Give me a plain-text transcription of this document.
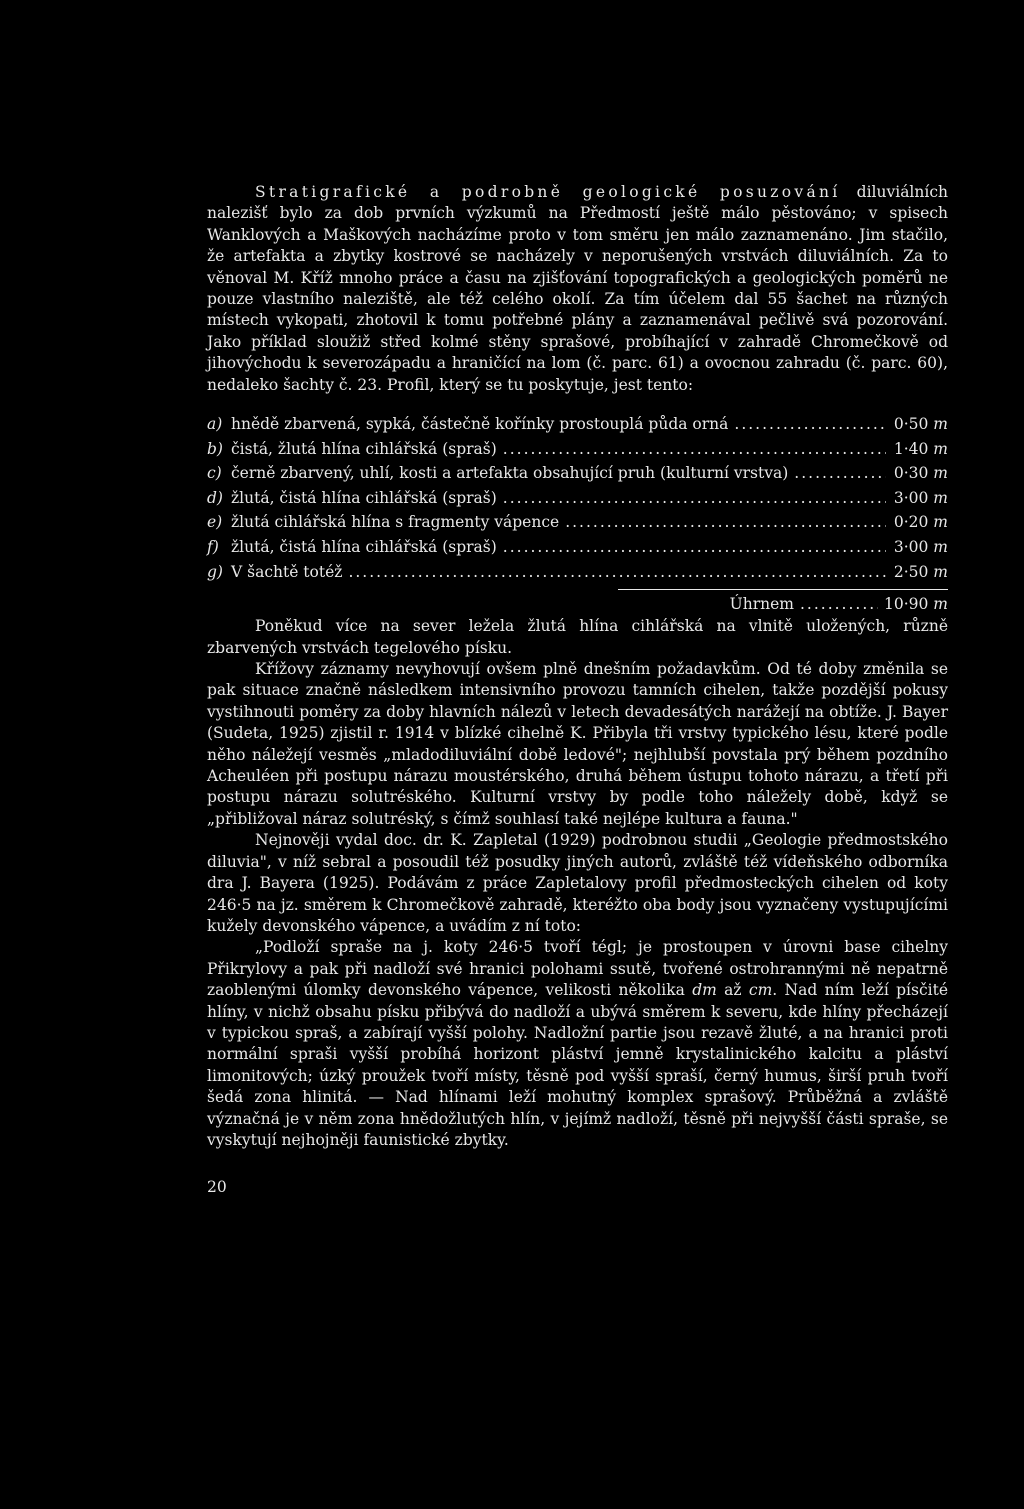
Stratigrafické a podrobně geologické posuzování diluviálních nalezišť bylo za dob prvních výzkumů na Předmostí ještě málo pěstováno; v spisech Wanklových a Maškových nacházíme proto v tom směru jen málo zaznamenáno. Jim stačilo, že artefakta a zbytky kostrové se nacházely v neporušených vrstvách diluviálních. Za to věnoval M. Kříž mnoho práce a času na zjišťování topografických a geologických poměrů ne pouze vlastního naleziště, ale též celého okolí. Za tím účelem dal 55 šachet na různých místech vykopati, zhotovil k tomu potřebné plány a zaznamenával pečlivě svá pozorování. Jako příklad sloužiž střed kolmé stěny sprašové, probíhající v zahradě Chromečkově od jihovýchodu k severozápadu a hraničící na lom (č. parc. 61) a ovocnou zahradu (č. parc. 60), nedaleko šachty č. 23. Profil, který se tu poskytuje, jest tento:

a) hnědě zbarvená, sypká, částečně kořínky prostouplá půda orná .....	0·50 m
b) čistá, žlutá hlína cihlářská (spraš) .....	1·40 m
c) černě zbarvený, uhlí, kosti a artefakta obsahující pruh (kulturní vrstva) .....	0·30 m
d) žlutá, čistá hlína cihlářská (spraš) .....	3·00 m
e) žlutá cihlářská hlína s fragmenty vápence .....	0·20 m
f) žlutá, čistá hlína cihlářská (spraš) .....	3·00 m
g) V šachtě totéž .....	2·50 m
Úhrnem .....	10·90 m

Poněkud více na sever ležela žlutá hlína cihlářská na vlnitě uložených, různě zbarvených vrstvách tegelového písku.

Křížovy záznamy nevyhovují ovšem plně dnešním požadavkům. Od té doby změnila se pak situace značně následkem intensivního provozu tamních cihelen, takže pozdější pokusy vystihnouti poměry za doby hlavních nálezů v letech devadesátých narážejí na obtíže. J. Bayer (Sudeta, 1925) zjistil r. 1914 v blízké cihelně K. Přibyla tři vrstvy typického lésu, které podle něho náležejí vesměs „mladodiluviální době ledové"; nejhlubší povstala prý během pozdního Acheuléen při postupu nárazu moustérského, druhá během ústupu tohoto nárazu, a třetí při postupu nárazu solutréského. Kulturní vrstvy by podle toho náležely době, když se „přibližoval náraz solutréský, s čímž souhlasí také nejlépe kultura a fauna."

Nejnověji vydal doc. dr. K. Zapletal (1929) podrobnou studii „Geologie předmostského diluvia", v níž sebral a posoudil též posudky jiných autorů, zvláště též vídeňského odborníka dra J. Bayera (1925). Podávám z práce Zapletalovy profil předmosteckých cihelen od koty 246·5 na jz. směrem k Chromečkově zahradě, kteréžto oba body jsou vyznačeny vystupujícími kužely devonského vápence, a uvádím z ní toto:

„Podloží spraše na j. koty 246·5 tvoří tégl; je prostoupen v úrovni base cihelny Přikrylovy a pak při nadloží své hranici polohami ssutě, tvořené ostrohrannými ně nepatrně zaoblenými úlomky devonského vápence, velikosti několika dm až cm. Nad ním leží písčité hlíny, v nichž obsahu písku přibývá do nadloží a ubývá směrem k severu, kde hlíny přecházejí v typickou spraš, a zabírají vyšší polohy. Nadložní partie jsou rezavě žluté, a na hranici proti normální spraši vyšší probíhá horizont pláství jemně krystalinického kalcitu a pláství limonitových; úzký proužek tvoří místy, těsně pod vyšší spraší, černý humus, širší pruh tvoří šedá zona hlinitá. — Nad hlínami leží mohutný komplex sprašový. Průběžná a zvláště význačná je v něm zona hnědožlutých hlín, v jejímž nadloží, těsně při nejvyšší části spraše, se vyskytují nejhojněji faunistické zbytky.

20
